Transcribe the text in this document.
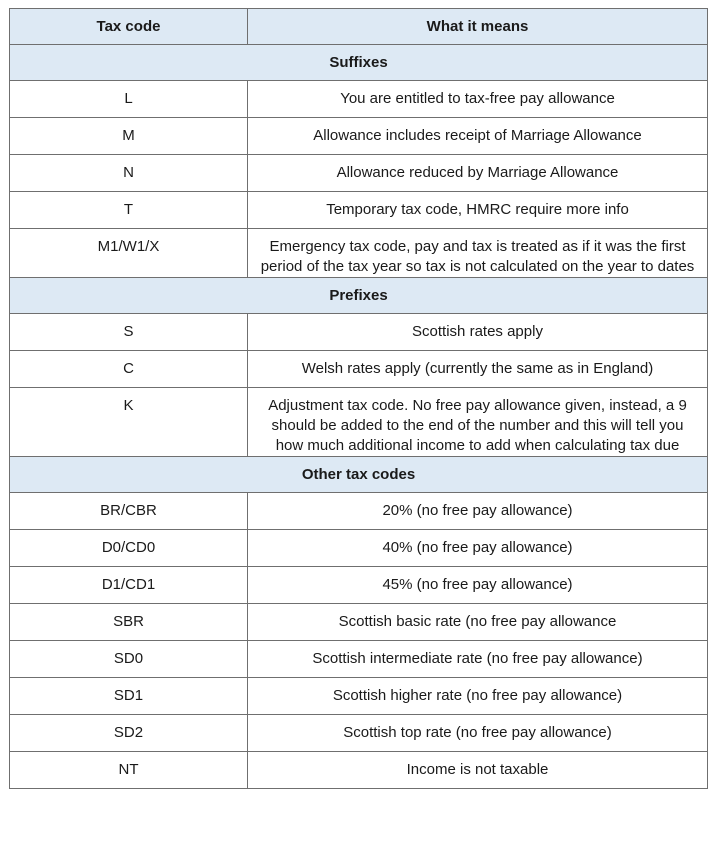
Tax code	What it means
Suffixes	
L	You are entitled to tax-free pay allowance
M	Allowance includes receipt of Marriage Allowance
N	Allowance reduced by Marriage Allowance
T	Temporary tax code, HMRC require more info
M1/W1/X	Emergency tax code, pay and tax is treated as if it was the first period of the tax year so tax is not calculated on the year to dates
Prefixes	
S	Scottish rates apply
C	Welsh rates apply (currently the same as in England)
K	Adjustment tax code. No free pay allowance given, instead, a 9 should be added to the end of the number and this will tell you how much additional income to add when calculating tax due
Other tax codes	
BR/CBR	20% (no free pay allowance)
D0/CD0	40% (no free pay allowance)
D1/CD1	45% (no free pay allowance)
SBR	Scottish basic rate (no free pay allowance
SD0	Scottish intermediate rate (no free pay allowance)
SD1	Scottish higher rate (no free pay allowance)
SD2	Scottish top rate (no free pay allowance)
NT	Income is not taxable
